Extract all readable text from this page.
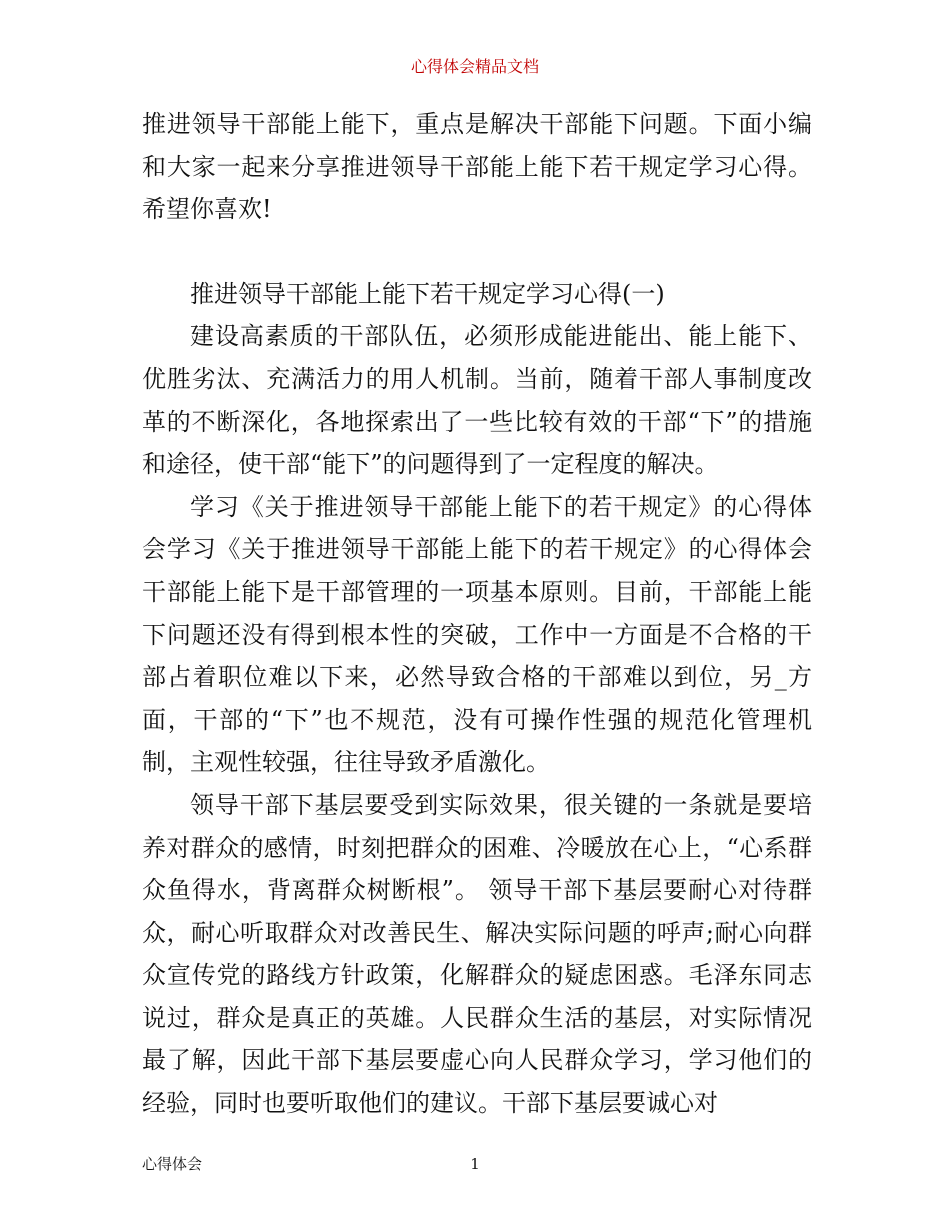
心得体会精品文档

推进领导干部能上能下，重点是解决干部能下问题。下面小编和大家一起来分享推进领导干部能上能下若干规定学习心得。希望你喜欢!

推进领导干部能上能下若干规定学习心得(一)

建设高素质的干部队伍，必须形成能进能出、能上能下、优胜劣汰、充满活力的用人机制。当前，随着干部人事制度改革的不断深化，各地探索出了一些比较有效的干部“下”的措施和途径，使干部“能下”的问题得到了一定程度的解决。

学习《关于推进领导干部能上能下的若干规定》的心得体会学习《关于推进领导干部能上能下的若干规定》的心得体会干部能上能下是干部管理的一项基本原则。目前，干部能上能下问题还没有得到根本性的突破，工作中一方面是不合格的干部占着职位难以下来，必然导致合格的干部难以到位，另_方面，干部的“下”也不规范，没有可操作性强的规范化管理机制，主观性较强，往往导致矛盾激化。

领导干部下基层要受到实际效果，很关键的一条就是要培养对群众的感情，时刻把群众的困难、冷暖放在心上，“心系群众鱼得水，背离群众树断根”。 领导干部下基层要耐心对待群众，耐心听取群众对改善民生、解决实际问题的呼声;耐心向群众宣传党的路线方针政策，化解群众的疑虑困惑。毛泽东同志说过，群众是真正的英雄。人民群众生活的基层，对实际情况最了解，因此干部下基层要虚心向人民群众学习，学习他们的经验，同时也要听取他们的建议。干部下基层要诚心对

心得体会	1
